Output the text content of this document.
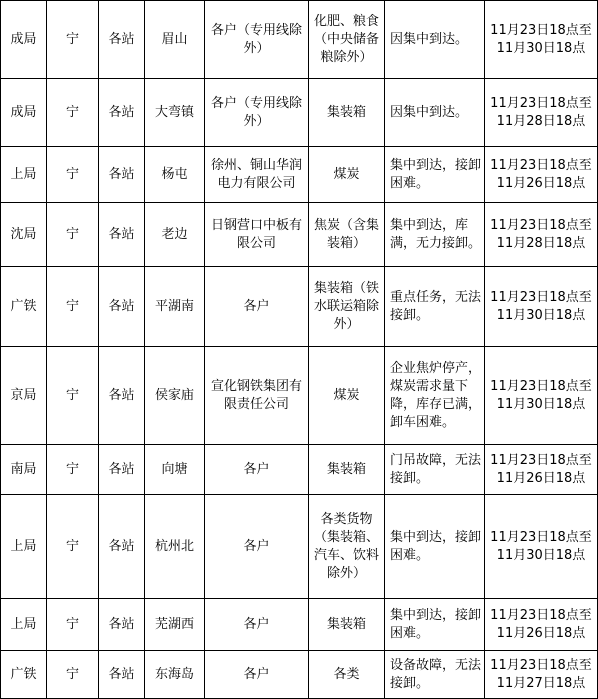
成局	宁	各站	眉山	各户（专用线除外）	化肥、粮食（中央储备粮除外）	因集中到达。	11月23日18点至11月30日18点
成局	宁	各站	大弯镇	各户（专用线除外）	集装箱	因集中到达。	11月23日18点至11月28日18点
上局	宁	各站	杨屯	徐州、铜山华润电力有限公司	煤炭	集中到达，接卸困难。	11月23日18点至11月26日18点
沈局	宁	各站	老边	日钢营口中板有限公司	焦炭（含集装箱）	集中到达，库满，无力接卸。	11月23日18点至11月28日18点
广铁	宁	各站	平湖南	各户	集装箱（铁水联运箱除外）	重点任务，无法接卸。	11月23日18点至11月30日18点
京局	宁	各站	侯家庙	宣化钢铁集团有限责任公司	煤炭	企业焦炉停产，煤炭需求量下降，库存已满，卸车困难。	11月23日18点至11月30日18点
南局	宁	各站	向塘	各户	集装箱	门吊故障，无法接卸。	11月23日18点至11月26日18点
上局	宁	各站	杭州北	各户	各类货物（集装箱、汽车、饮料除外）	集中到达，接卸困难。	11月23日18点至11月30日18点
上局	宁	各站	芜湖西	各户	集装箱	集中到达，接卸困难。	11月23日18点至11月26日18点
广铁	宁	各站	东海岛	各户	各类	设备故障，无法接卸。	11月23日18点至11月27日18点
